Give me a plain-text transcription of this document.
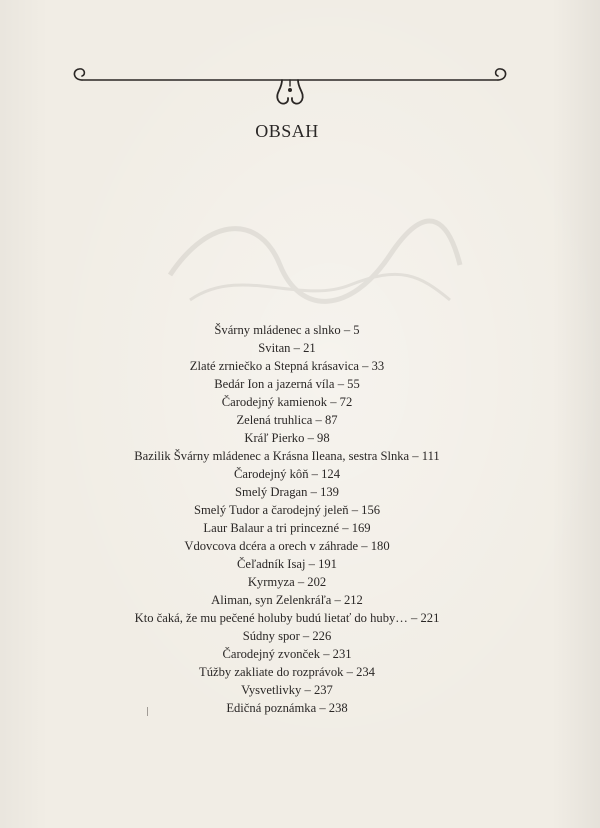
OBSAH
Švárny mládenec a slnko – 5
Svitan – 21
Zlaté zrniečko a Stepná krásavica – 33
Bedár Ion a jazerná víla – 55
Čarodejný kamienok – 72
Zelená truhlica – 87
Kráľ Pierko – 98
Bazilik Švárny mládenec a Krásna Ileana, sestra Slnka – 111
Čarodejný kôň – 124
Smelý Dragan – 139
Smelý Tudor a čarodejný jeleň – 156
Laur Balaur a tri princezné – 169
Vdovcova dcéra a orech v záhrade – 180
Čeľadník Isaj – 191
Kyrmyza – 202
Aliman, syn Zelenkráľa – 212
Kto čaká, že mu pečené holuby budú lietať do huby… – 221
Súdny spor – 226
Čarodejný zvonček – 231
Túžby zakliate do rozprávok – 234
Vysvetlivky – 237
Edičná poznámka – 238
